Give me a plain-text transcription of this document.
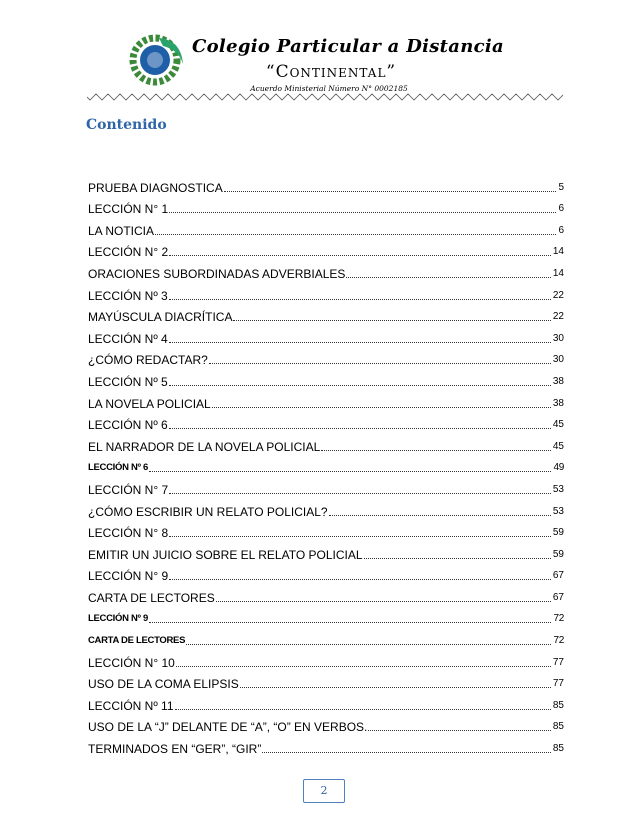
Colegio Particular a Distancia
“Continental”
Acuerdo Ministerial Número N° 0002185
Contenido
PRUEBA DIAGNOSTICA	5
LECCIÓN N° 1	6
LA NOTICIA	6
LECCIÓN N° 2	14
ORACIONES SUBORDINADAS ADVERBIALES	14
LECCIÓN Nº 3	22
MAYÚSCULA DIACRÍTICA	22
LECCIÓN Nº 4	30
¿CÓMO REDACTAR?	30
LECCIÓN Nº 5	38
LA NOVELA POLICIAL	38
LECCIÓN Nº 6	45
EL NARRADOR DE LA NOVELA POLICIAL	45
LECCIÓN Nº 6	49
LECCIÓN N° 7	53
¿CÓMO ESCRIBIR UN RELATO POLICIAL?	53
LECCIÓN N° 8	59
EMITIR UN JUICIO SOBRE EL RELATO POLICIAL	59
LECCIÓN N° 9	67
CARTA DE LECTORES	67
LECCIÓN Nº 9	72
CARTA DE LECTORES	72
LECCIÓN N° 10	77
USO DE LA COMA ELIPSIS	77
LECCIÓN Nº 11	85
USO DE LA “J” DELANTE DE “A”, “O” EN VERBOS.	85
TERMINADOS EN “GER”, “GIR”	85
2
